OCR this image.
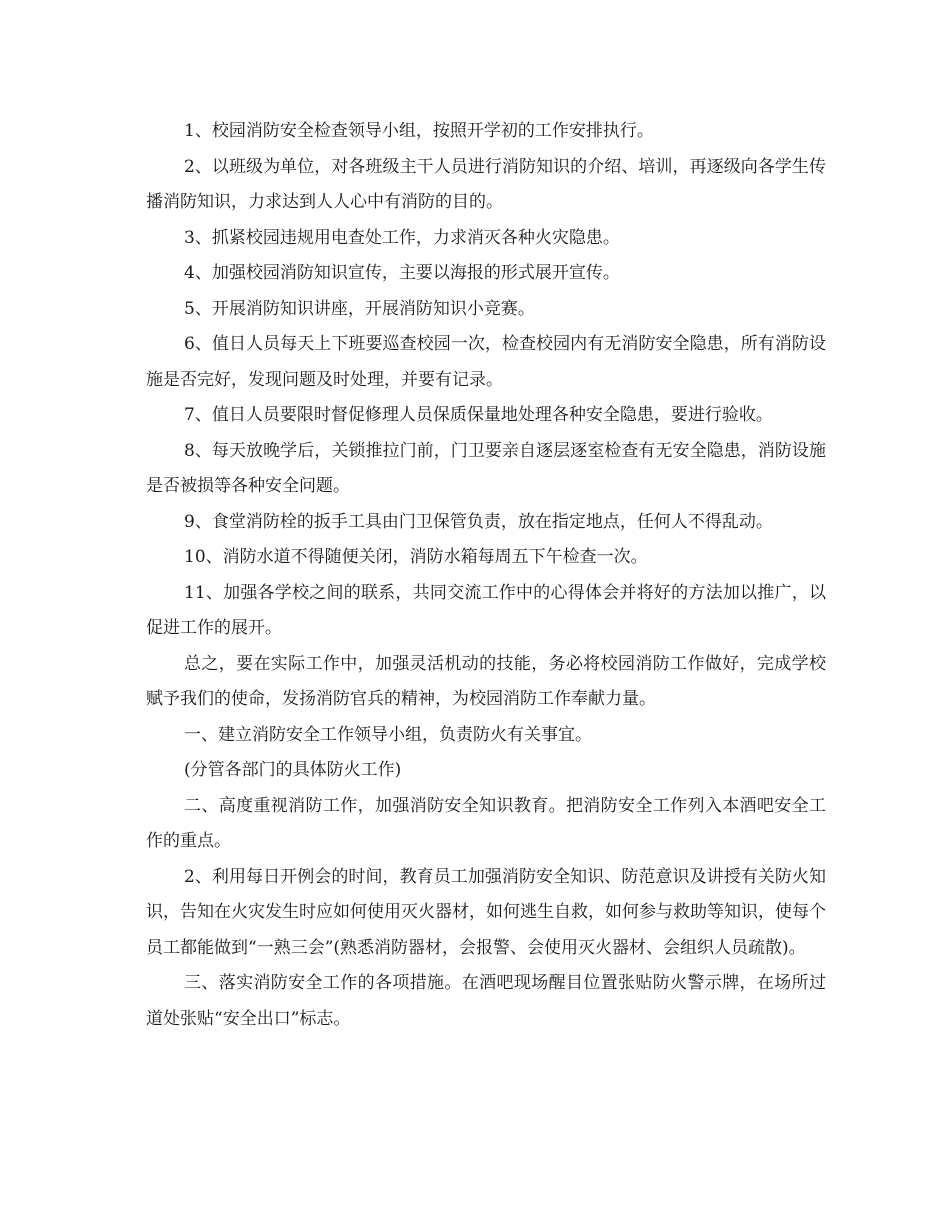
1、校园消防安全检查领导小组，按照开学初的工作安排执行。

2、以班级为单位，对各班级主干人员进行消防知识的介绍、培训，再逐级向各学生传播消防知识，力求达到人人心中有消防的目的。

3、抓紧校园违规用电查处工作，力求消灭各种火灾隐患。

4、加强校园消防知识宣传，主要以海报的形式展开宣传。

5、开展消防知识讲座，开展消防知识小竞赛。

6、值日人员每天上下班要巡查校园一次，检查校园内有无消防安全隐患，所有消防设施是否完好，发现问题及时处理，并要有记录。

7、值日人员要限时督促修理人员保质保量地处理各种安全隐患，要进行验收。

8、每天放晚学后，关锁推拉门前，门卫要亲自逐层逐室检查有无安全隐患，消防设施是否被损等各种安全问题。

9、食堂消防栓的扳手工具由门卫保管负责，放在指定地点，任何人不得乱动。

10、消防水道不得随便关闭，消防水箱每周五下午检查一次。

11、加强各学校之间的联系，共同交流工作中的心得体会并将好的方法加以推广，以促进工作的展开。

总之，要在实际工作中，加强灵活机动的技能，务必将校园消防工作做好，完成学校赋予我们的使命，发扬消防官兵的精神，为校园消防工作奉献力量。

一、建立消防安全工作领导小组，负责防火有关事宜。

(分管各部门的具体防火工作)

二、高度重视消防工作，加强消防安全知识教育。把消防安全工作列入本酒吧安全工作的重点。

2、利用每日开例会的时间，教育员工加强消防安全知识、防范意识及讲授有关防火知识，告知在火灾发生时应如何使用灭火器材，如何逃生自救，如何参与救助等知识，使每个员工都能做到“一熟三会”(熟悉消防器材，会报警、会使用灭火器材、会组织人员疏散)。

三、落实消防安全工作的各项措施。在酒吧现场醒目位置张贴防火警示牌，在场所过道处张贴“安全出口”标志。
